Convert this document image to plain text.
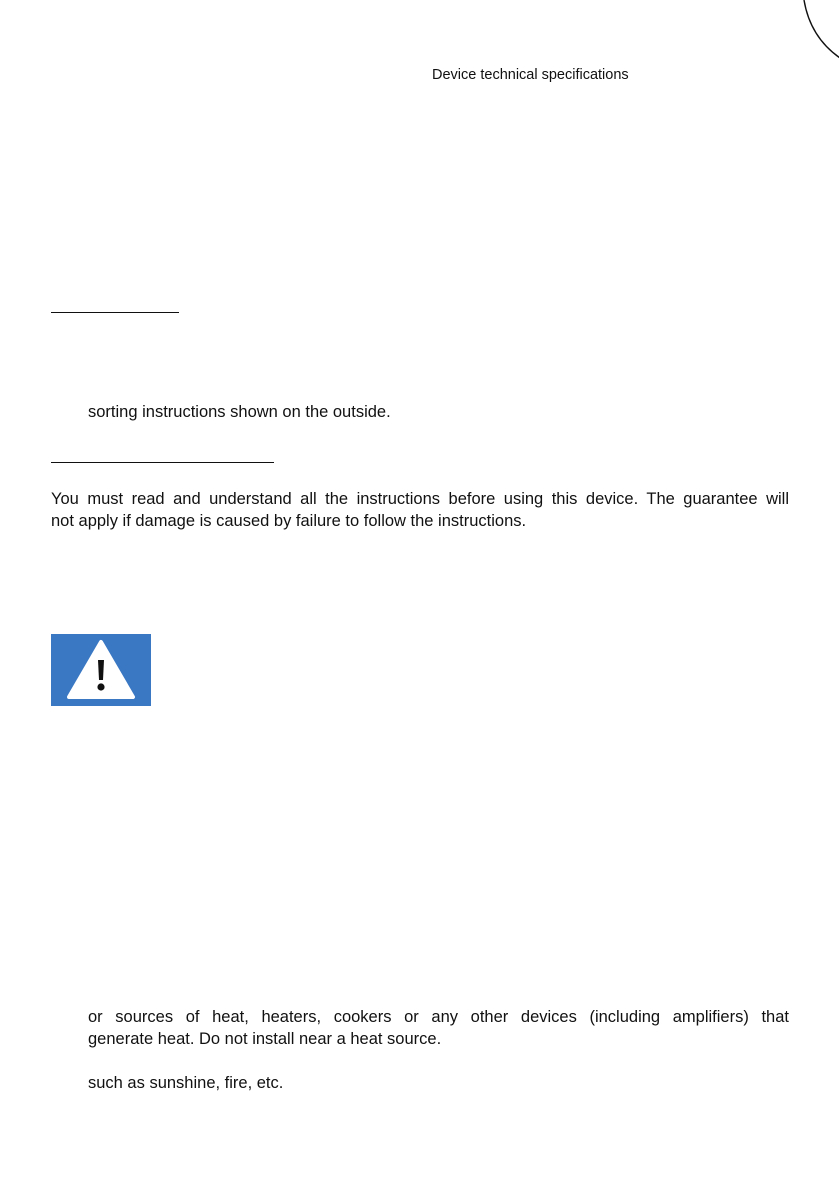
Device technical specifications
sorting instructions shown on the outside.
You must read and understand all the instructions before using this device. The guarantee will
not apply if damage is caused by failure to follow the instructions.
or sources of heat, heaters, cookers or any other devices (including amplifiers) that
generate heat. Do not install near a heat source.
such as sunshine, fire, etc.
